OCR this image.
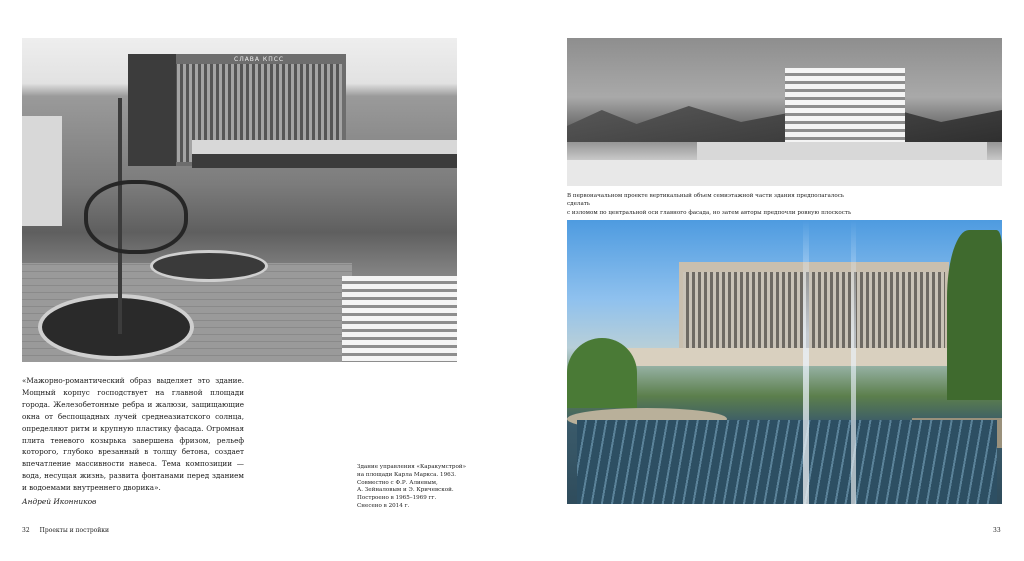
СЛАВА КПСС

«Мажорно-романтический образ выделяет это здание. Мощный корпус господствует на главной площади города. Железобетонные ребра и жалюзи, защищающие окна от беспощадных лучей среднеазиатского солнца, определяют ритм и крупную пластику фасада. Огромная плита теневого козырька завершена фризом, рельеф которого, глубоко врезанный в толщу бетона, создает впечатление массивности навеса. Тема композиции — вода, несущая жизнь, развита фонтанами перед зданием и водоемами внутреннего дворика».

Андрей Иконников

Здание управления «Каракумстрой»
на площади Карла Маркса. 1963.
Совместно с Ф.Р. Алиевым,
А. Зейналовым и Э. Кричевской.
Построено в 1965–1969 гг.
Снесено в 2014 г.

32 Проекты и постройки

В первоначальном проекте вертикальный объем семиэтажной части здания предполагалось сделать
с изломом по центральной оси главного фасада, но затем авторы предпочли ровную плоскость

33
